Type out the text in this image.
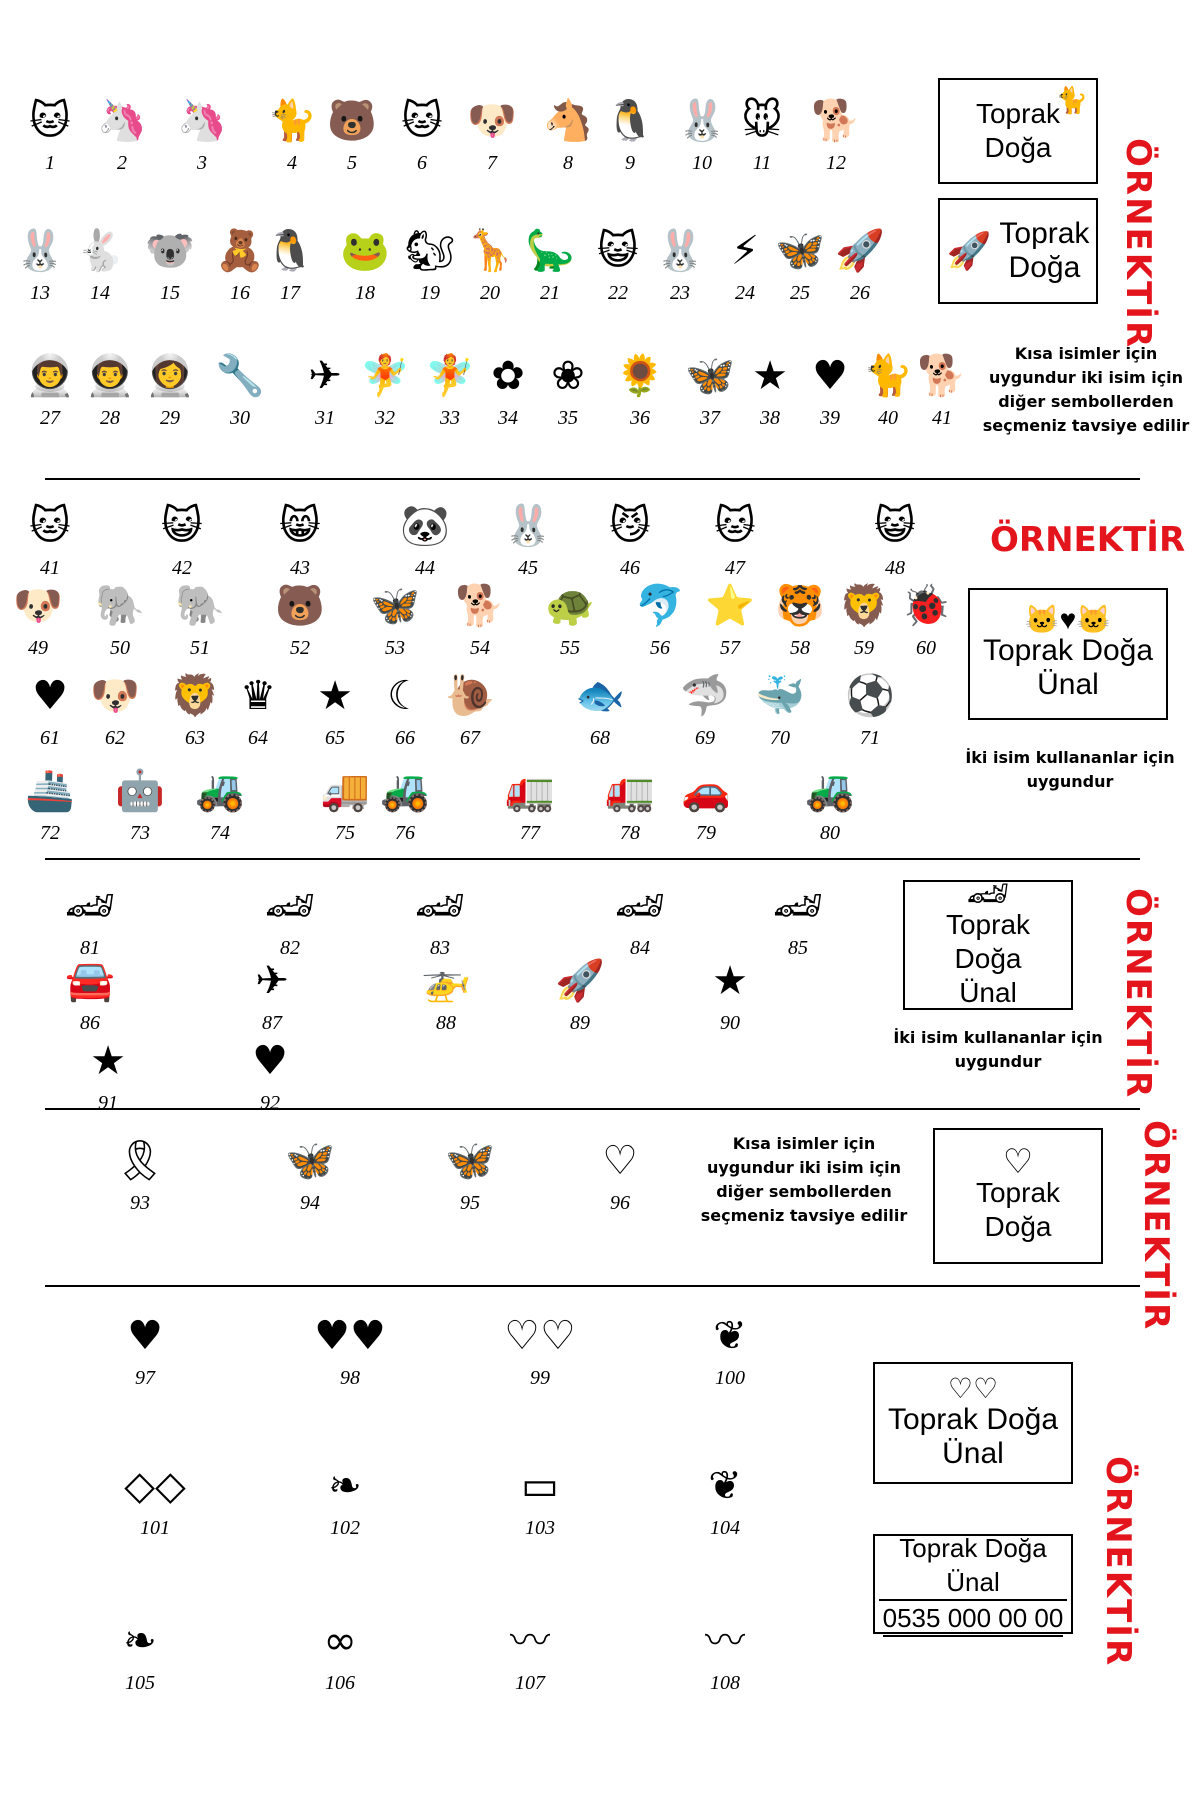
🐱
1
🦄
2
🦄
3
🐈
4
🐻
5
🐱
6
🐶
7
🐴
8
🐧
9
🐰
10
🐭
11
🐕
12
🐰
13
🐇
14
🐨
15
🧸
16
🐧
17
🐸
18
🐿
19
🦒
20
🦕
21
😺
22
🐰
23
⚡
24
🦋
25
🚀
26
👨‍🚀
27
👨‍🚀
28
👩‍🚀
29
🔧
30
✈
31
🧚
32
🧚
33
✿
34
❀
35
🌻
36
🦋
37
★
38
♥
39
🐈
40
🐕
41
🐱
41
😺
42
😸
43
🐼
44
🐰
45
😼
46
🐱
47
😺
48
🐶
49
🐘
50
🐘
51
🐻
52
🦋
53
🐕
54
🐢
55
🐬
56
⭐
57
🐯
58
🦁
59
🐞
60
♥
61
🐶
62
🦁
63
♛
64
★
65
☾
66
🐌
67
🐟
68
🦈
69
🐳
70
⚽
71
🚢
72
🤖
73
🚜
74
🚚
75
🚜
76
🚛
77
🚛
78
🚗
79
🚜
80
🏎
81
🏎
82
🏎
83
🏎
84
🏎
85
🚘
86
✈
87
🚁
88
🚀
89
★
90
★
91
♥
92
🎗
93
🦋
94
🦋
95
♡
96
♥
97
♥♥
98
♡♡
99
❦
100
◇◇
101
❧
102
▭
103
❦
104
❧
105
∞
106
〰
107
〰
108
Toprak Doğa
🐈
🚀 Toprak
Doğa ÖRNEKTİR
Kısa isimler için
uygundur iki isim için
diğer sembollerden
seçmeniz tavsiye edilir
ÖRNEKTİR
🐱♥🐱
Toprak Doğa
Ünal
İki isim kullananlar için
uygundur
🏎
Toprak Doğa
Ünal	ÖRNEKTİR
İki isim kullananlar için
uygundur
Kısa isimler için
uygundur iki isim için
diğer sembollerden
seçmeniz tavsiye edilir
♡
Toprak Doğa	ÖRNEKTİR
♡♡
Toprak Doğa
Ünal
Toprak Doğa Ünal
0535 000 00 00 ÖRNEKTİR
